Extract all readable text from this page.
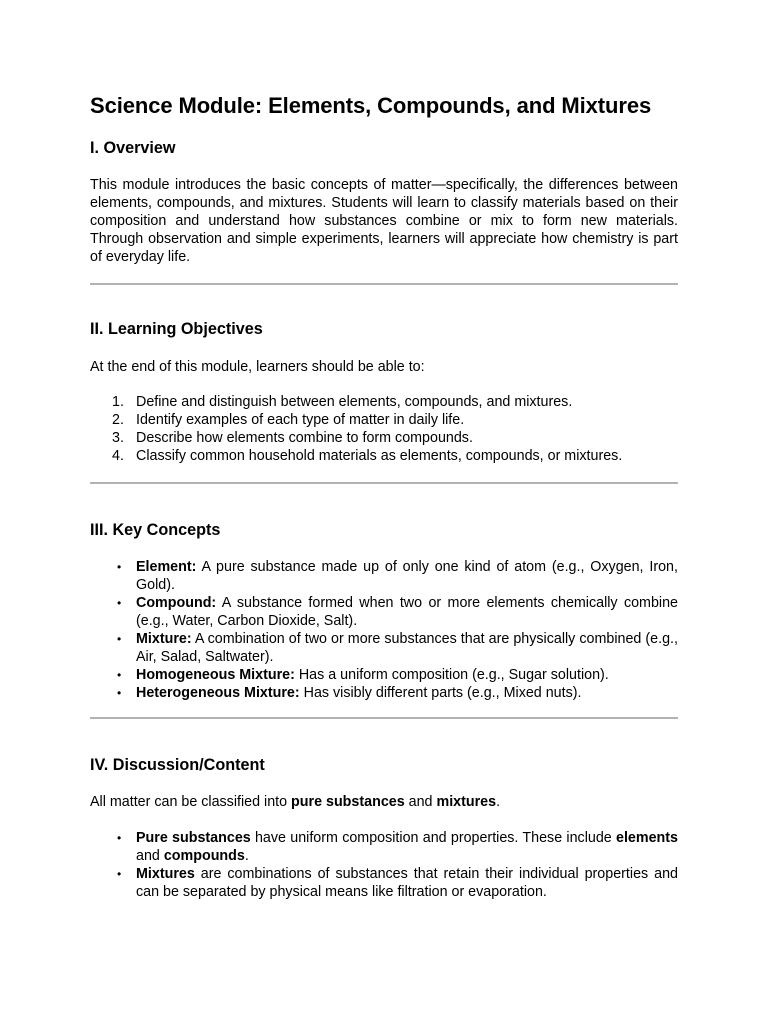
Science Module: Elements, Compounds, and Mixtures
I. Overview

This module introduces the basic concepts of matter—specifically, the differences between elements, compounds, and mixtures. Students will learn to classify materials based on their composition and understand how substances combine or mix to form new materials. Through observation and simple experiments, learners will appreciate how chemistry is part of everyday life.

II. Learning Objectives

At the end of this module, learners should be able to:

1. Define and distinguish between elements, compounds, and mixtures.
2. Identify examples of each type of matter in daily life.
3. Describe how elements combine to form compounds.
4. Classify common household materials as elements, compounds, or mixtures.
III. Key Concepts
• Element: A pure substance made up of only one kind of atom (e.g., Oxygen, Iron, Gold).
• Compound: A substance formed when two or more elements chemically combine (e.g., Water, Carbon Dioxide, Salt).
• Mixture: A combination of two or more substances that are physically combined (e.g., Air, Salad, Saltwater).
• Homogeneous Mixture: Has a uniform composition (e.g., Sugar solution).
• Heterogeneous Mixture: Has visibly different parts (e.g., Mixed nuts).
IV. Discussion/Content

All matter can be classified into pure substances and mixtures.

• Pure substances have uniform composition and properties. These include elements and compounds.
• Mixtures are combinations of substances that retain their individual properties and can be separated by physical means like filtration or evaporation.
